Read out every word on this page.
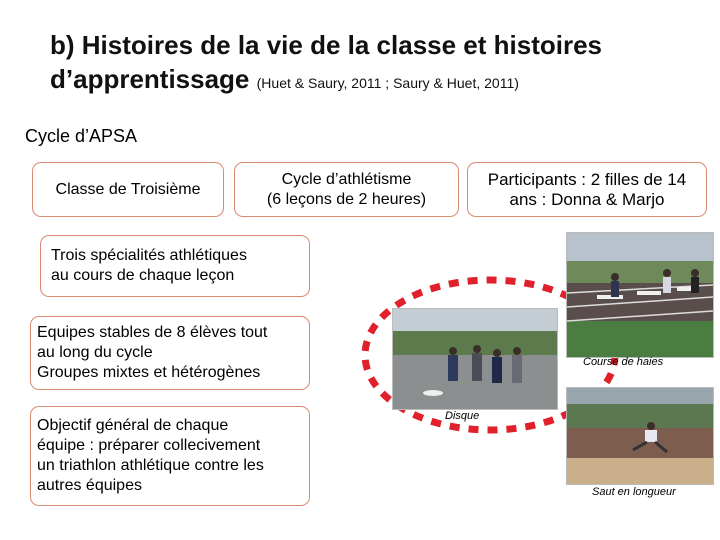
b) Histoires de la vie de la classe et histoires
d’apprentissage (Huet & Saury, 2011 ; Saury & Huet, 2011)
Cycle d’APSA
Classe de Troisième
Cycle d’athlétisme
(6 leçons de 2 heures)
Participants : 2 filles de 14
ans : Donna & Marjo
Trois spécialités athlétiques
au cours de chaque leçon
Equipes stables de 8 élèves tout
au long du cycle
Groupes mixtes et hétérogènes
Objectif général de chaque
équipe : préparer collecivement
un triathlon athlétique contre les
autres équipes
Course de haies
Disque
Saut en longueur
